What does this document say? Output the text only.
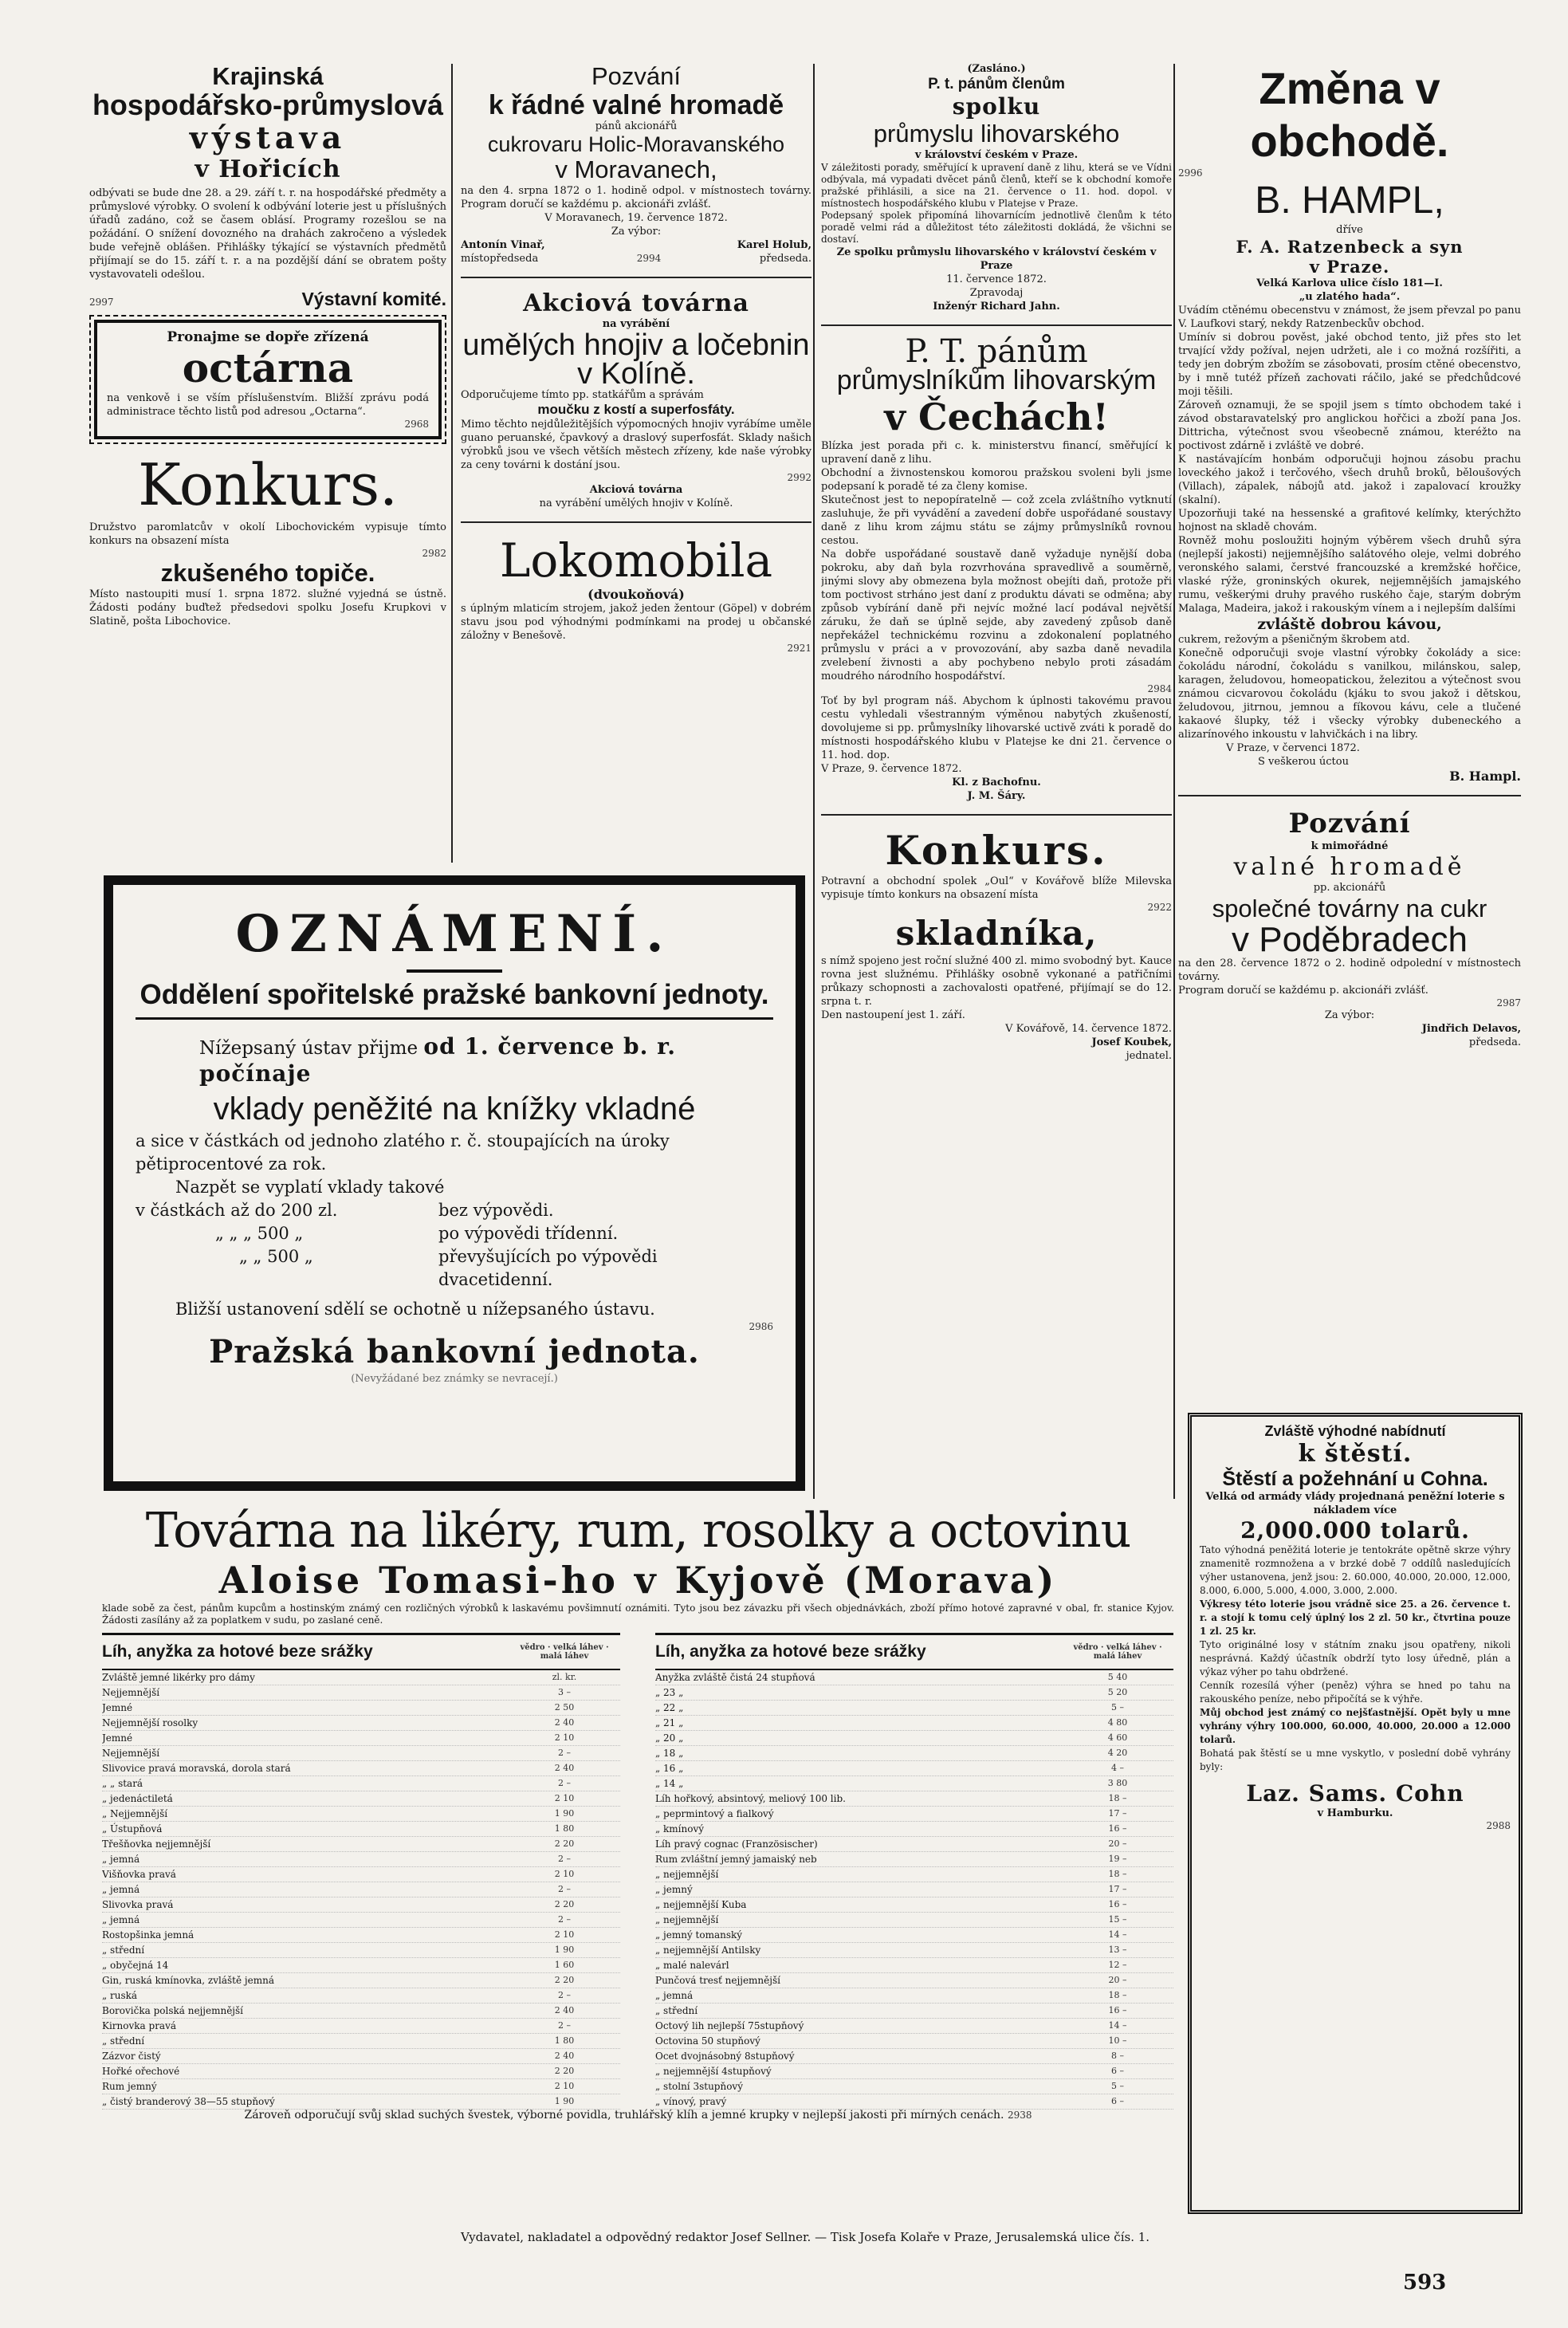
Krajinská
hospodářsko-průmyslová
výstava
v Hořicích
odbývati se bude dne 28. a 29. září t. r. na hospodářské předměty a průmyslové výrobky. O svolení k odbývání loterie jest u příslušných úřadů zadáno, což se časem oblásí. Programy rozešlou se na požádání. O snížení dovozného na drahách zakročeno a výsledek bude veřejně oblášen. Přihlášky týkající se výstavních předmětů přijímají se do 15. září t. r. a na pozdější dání se obratem pošty vystavovateli odešlou.
2997	Výstavní komité.
Pronajme se dopře zřízená
octárna
na venkově i se vším příslušenstvím. Bližší zprávu podá administrace těchto listů pod adresou „Octarna“.
2968
Konkurs.
Družstvo paromlatcův v okolí Libochovickém vypisuje tímto konkurs na obsazení místa
2982
zkušeného topiče.
Místo nastoupiti musí 1. srpna 1872. služné vyjedná se ústně. Žádosti podány buďtež předsedovi spolku Josefu Krupkovi v Slatině, pošta Libochovice.
Pozvání
k řádné valné hromadě
pánů akcionářů
cukrovaru Holic-Moravanského
v Moravanech,
na den 4. srpna 1872 o 1. hodině odpol. v místnostech továrny. Program doručí se každému p. akcionáři zvlášť.
V Moravanech, 19. července 1872.
Za výbor:
Antonín Vinař,	Karel Holub,
místopředseda	2994	předseda.
Akciová továrna
na vyrábění
umělých hnojiv a ločebnin
v Kolíně.
Odporučujeme tímto pp. statkářům a správám
moučku z kostí a superfosfáty.
Mimo těchto nejdůležitějších výpomocných hnojiv vyrábíme uměle guano peruanské, čpavkový a draslový superfosfát. Sklady našich výrobků jsou ve všech větších městech zřízeny, kde naše výrobky za ceny továrni k dostání jsou.
2992
Akciová továrna
na vyrábění umělých hnojiv v Kolíně.
Lokomobila
(dvoukoňová)
s úplným mlaticím strojem, jakož jeden žentour (Göpel) v dobrém stavu jsou pod výhodnými podmínkami na prodej u občanské záložny v Benešově.
2921
(Zasláno.)
P. t. pánům členům
spolku
průmyslu lihovarského
v království českém v Praze.
V záležitosti porady, směřující k upravení daně z lihu, která se ve Vídni odbývala, má vypadati dvěcet pánů členů, kteří se k obchodní komoře pražské přihlásili, a sice na 21. července o 11. hod. dopol. v místnostech hospodářského klubu v Platejse v Praze.
Podepsaný spolek připomíná lihovarnícím jednotlivě členům k této poradě velmi rád a důležitost této záležitosti dokládá, že všichni se dostaví.
Ze spolku průmyslu lihovarského v království českém v Praze
11. července 1872.
Zpravodaj
Inženýr Richard Jahn.
P. T. pánům
průmyslníkům lihovarským
v Čechách!
Blízka jest porada při c. k. ministerstvu financí, směřující k upravení daně z lihu.
Obchodní a živnostenskou komorou pražskou svoleni byli jsme podepsaní k poradě té za členy komise.
Skutečnost jest to nepopíratelně — což zcela zvláštního vytknutí zasluhuje, že při vyvádění a zavedení dobře uspořádané soustavy daně z lihu krom zájmu státu se zájmy průmyslníků rovnou cestou.
Na dobře uspořádané soustavě daně vyžaduje nynější doba pokroku, aby daň byla rozvrhována spravedlivě a souměrně, jinými slovy aby obmezena byla možnost obejíti daň, protože při tom poctivost strháno jest daní z produktu dávati se odměna; aby způsob vybírání daně při nejvíc možné lací podával největší záruku, že daň se úplně sejde, aby zavedený způsob daně nepřekážel technickému rozvinu a zdokonalení poplatného průmyslu v práci a v provozování, aby sazba daně nevadila zvelebení živnosti a aby pochybeno nebylo proti zásadám moudrého národního hospodářství.
2984
Toť by byl program náš. Abychom k úplnosti takovému pravou cestu vyhledali všestranným výměnou nabytých zkušeností, dovolujeme si pp. průmyslníky lihovarské uctivě zváti k poradě do místnosti hospodářského klubu v Platejse ke dni 21. července o 11. hod. dop.
V Praze, 9. července 1872.
Kl. z Bachofnu.
J. M. Šáry.
Konkurs.
Potravní a obchodní spolek „Oul“ v Kovářově blíže Milevska vypisuje tímto konkurs na obsazení místa
2922
skladníka,
s nímž spojeno jest roční služné 400 zl. mimo svobodný byt. Kauce rovna jest služnému. Přihlášky osobně vykonané a patřičními průkazy schopnosti a zachovalosti opatřené, přijímají se do 12. srpna t. r.
Den nastoupení jest 1. září.
V Kovářově, 14. července 1872.
Josef Koubek,
jednatel.
Změna v obchodě.
2996
B. HAMPL,
dříve
F. A. Ratzenbeck a syn
v Praze.
Velká Karlova ulice číslo 181—I.
„u zlatého hada“.
Uvádím ctěnému obecenstvu v známost, že jsem převzal po panu V. Laufkovi starý, nekdy Ratzenbeckův obchod.
Umínív si dobrou pověst, jaké obchod tento, již přes sto let trvající vždy požíval, nejen udržeti, ale i co možná rozšířiti, a tedy jen dobrým zbožím se zásobovati, prosím ctěné obecenstvo, by i mně tutéž přízeň zachovati ráčilo, jaké se předchůdcové moji těšili.
Zároveň oznamuji, že se spojil jsem s tímto obchodem také i závod obstaravatelský pro anglickou hořčici a zboží pana Jos. Dittricha, výtečnost svou všeobecně známou, kteréžto na poctivost zdárně i zvláště ve dobré.
K nastávajícím honbám odporučuji hojnou zásobu prachu loveckého jakož i terčového, všech druhů broků, běloušových (Villach), zápalek, nábojů atd. jakož i zapalovací kroužky (skalní).
Upozorňuji také na hessenské a grafitové kelímky, kterýchžto hojnost na skladě chovám.
Rovněž mohu posloužiti hojným výběrem všech druhů sýra (nejlepší jakosti) nejjemnějšího salátového oleje, velmi dobrého veronského salami, čerstvé francouzské a kremžské hořčice, vlaské rýže, groninských okurek, nejjemnějších jamajského rumu, veškerými druhy pravého ruského čaje, starým dobrým Malaga, Madeira, jakož i rakouským vínem a i nejlepším dalšími
zvláště dobrou kávou,
cukrem, režovým a pšeničným škrobem atd.
Konečně odporučuji svoje vlastní výrobky čokolády a sice: čokoládu národní, čokoládu s vanilkou, milánskou, salep, karagen, želudovou, homeopatickou, železitou a výtečnost svou známou cicvarovou čokoládu (kjáku to svou jakož i dětskou, želudovou, jitrnou, jemnou a fíkovou kávu, cele a tlučené kakaové šlupky, též i všecky výrobky dubeneckého a alizarínového inkoustu v lahvičkách i na libry.
V Praze, v červenci 1872.
S veškerou úctou
B. Hampl.
Pozvání
k mimořádné
valné hromadě
pp. akcionářů
společné továrny na cukr
v Poděbradech
na den 28. července 1872 o 2. hodině odpolední v místnostech továrny.
Program doručí se každému p. akcionáři zvlášť.
2987
Za výbor:
Jindřich Delavos,
předseda.
Zvláště výhodné nabídnutí
k štěstí.
Štěstí a požehnání u Cohna.
Velká od armády vlády projednaná peněžní loterie s nákladem více
2,000.000 tolarů.
Tato výhodná peněžitá loterie je tentokráte opětně skrze výhry znamenitě rozmnožena a v brzké době 7 oddílů nasledujících výher ustanovena, jenž jsou: 2. 60.000, 40.000, 20.000, 12.000, 8.000, 6.000, 5.000, 4.000, 3.000, 2.000.
Výkresy této loterie jsou vrádně sice 25. a 26. července t. r. a stojí k tomu celý úplný los 2 zl. 50 kr., čtvrtina pouze 1 zl. 25 kr.
Tyto originálné losy v státním znaku jsou opatřeny, nikoli nesprávná. Každý účastník obdrží tyto losy úředně, plán a výkaz výher po tahu obdržené.
Cenník rozesílá výher (peněz) výhra se hned po tahu na rakouského peníze, nebo připočítá se k výhře.
Můj obchod jest známý co nejšťastnější. Opět byly u mne vyhrány výhry 100.000, 60.000, 40.000, 20.000 a 12.000 tolarů.
Bohatá pak štěstí se u mne vyskytlo, v poslední době vyhrány byly:
Laz. Sams. Cohn
v Hamburku.
2988
OZNÁMENÍ.
Oddělení spořitelské pražské bankovní jednoty.
Nížepsaný ústav přijme od 1. července b. r. počínaje
vklady peněžité na knížky vkladné
a sice v částkách od jednoho zlatého r. č. stoupajících na úroky pětiprocentové za rok.
Nazpět se vyplatí vklady takové
v částkách až do 200 zl.	bez výpovědi.
„ „ „ 500 „	po výpovědi třídenní.
„ „ 500 „	převyšujících po výpovědi dvacetidenní.
Bližší ustanovení sdělí se ochotně u nížepsaného ústavu.
2986
Pražská bankovní jednota.
(Nevyžádané bez známky se nevracejí.)
Továrna na likéry, rum, rosolky a octovinu
Aloise Tomasi-ho v Kyjově (Morava)
klade sobě za čest, pánům kupcům a hostinským známý cen rozličných výrobků k laskavému povšimnutí oznámiti. Tyto jsou bez závazku při všech objednávkách, zboží přímo hotové zapravné v obal, fr. stanice Kyjov. Žádosti zasílány až za poplatkem v sudu, po zaslané ceně.
Líh, anyžka za hotové beze srážky	vědro · velká láhev · malá láhev
Zvláště jemné likérky pro dámy	zl. kr.
Nejjemnější	3 –
Jemné	2 50
Nejjemnější rosolky	2 40
Jemné	2 10
Nejjemnější	2 –
Slivovice pravá moravská, dorola stará	2 40
„ „ stará	2 –
„ jedenáctiletá	2 10
„ Nejjemnější	1 90
„ Ústupňová	1 80
Třešňovka nejjemnější	2 20
„ jemná	2 –
Višňovka pravá	2 10
„ jemná	2 –
Slivovka pravá	2 20
„ jemná	2 –
Rostopšinka jemná	2 10
„ střední	1 90
„ obyčejná 14	1 60
Gin, ruská kmínovka, zvláště jemná	2 20
„ ruská	2 –
Borovička polská nejjemnější	2 40
Kirnovka pravá	2 –
„ střední	1 80
Zázvor čistý	2 40
Hořké ořechové	2 20
Rum jemný	2 10
„ čistý branderový 38—55 stupňový	1 90
Líh, anyžka za hotové beze srážky	vědro · velká láhev · malá láhev
Anyžka zvláště čistá 24 stupňová	5 40
„ 23 „	5 20
„ 22 „	5 –
„ 21 „	4 80
„ 20 „	4 60
„ 18 „	4 20
„ 16 „	4 –
„ 14 „	3 80
Líh hořkový, absintový, meliový 100 lib.	18 –
„ peprmintový a fialkový	17 –
„ kmínový	16 –
Líh pravý cognac (Französischer)	20 –
Rum zvláštní jemný jamaiský neb	19 –
„ nejjemnější	18 –
„ jemný	17 –
„ nejjemnější Kuba	16 –
„ nejjemnější	15 –
„ jemný tomanský	14 –
„ nejjemnější Antilsky	13 –
„ malé nalevárl	12 –
Punčová tresť nejjemnější	20 –
„ jemná	18 –
„ střední	16 –
Octový lih nejlepší 75stupňový	14 –
Octovina 50 stupňový	10 –
Ocet dvojnásobný 8stupňový	8 –
„ nejjemnější 4stupňový	6 –
„ stolní 3stupňový	5 –
„ vínový, pravý	6 –
Zároveň odporučují svůj sklad suchých švestek, výborné povidla, truhlářský klíh a jemné krupky v nejlepší jakosti při mírných cenách. 2938
Vydavatel, nakladatel a odpovědný redaktor Josef Sellner. — Tisk Josefa Kolaře v Praze, Jerusalemská ulice čís. 1.
593
